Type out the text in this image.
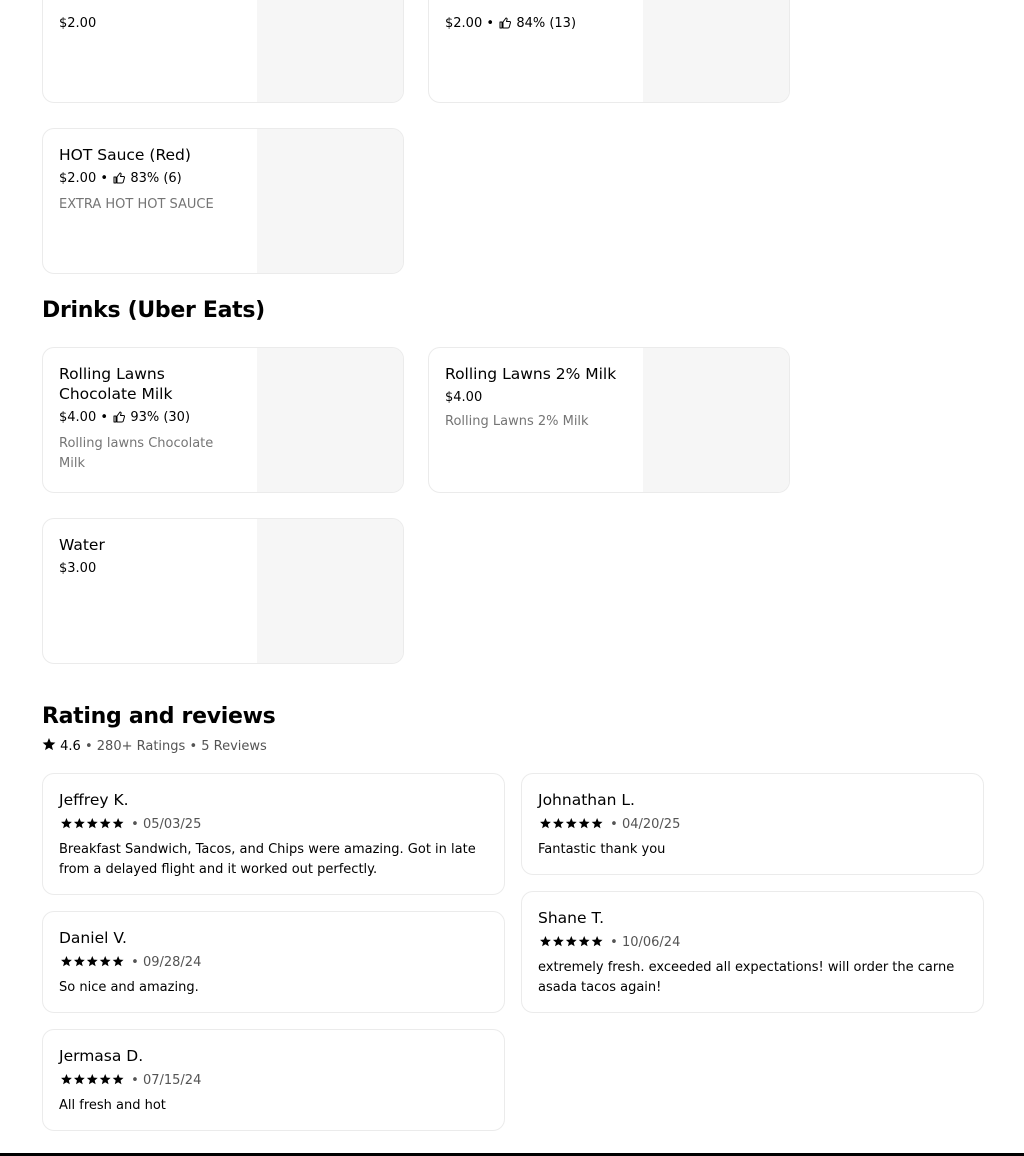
$2.00	$2.00 • 84% (13)
HOT Sauce (Red)
$2.00 • 83% (6)
EXTRA HOT HOT SAUCE
Drinks (Uber Eats)
Rolling Lawns Chocolate Milk
$4.00 • 93% (30)
Rolling lawns Chocolate Milk
Rolling Lawns 2% Milk
$4.00
Rolling Lawns 2% Milk
Water
$3.00
Rating and reviews
4.6 • 280+ Ratings • 5 Reviews
Jeffrey K.
• 05/03/25
Breakfast Sandwich, Tacos, and Chips were amazing. Got in late from a delayed flight and it worked out perfectly.
Johnathan L.
• 04/20/25
Fantastic thank you
Daniel V.
• 09/28/24
So nice and amazing.
Shane T.
• 10/06/24
extremely fresh. exceeded all expectations! will order the carne asada tacos again!
Jermasa D.
• 07/15/24
All fresh and hot
